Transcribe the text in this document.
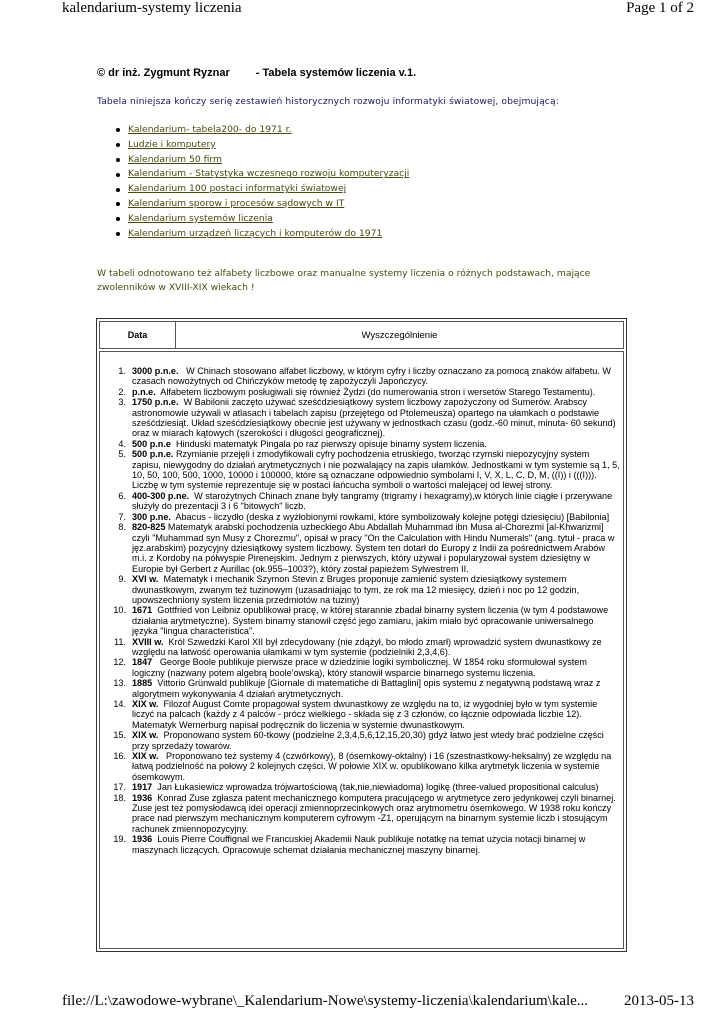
kalendarium-systemy liczenia	Page 1 of 2
© dr inż. Zygmunt Ryznar - Tabela systemów liczenia v.1.
Tabela niniejsza kończy serię zestawień historycznych rozwoju informatyki światowej, obejmującą:
Kalendarium- tabela200- do 1971 r.
Ludzie i komputery
Kalendarium 50 firm
Kalendarium - Statystyka wczesnego rozwoju komputeryzacji
Kalendarium 100 postaci informatyki światowej
Kalendarium sporow i procesów sądowych w IT
Kalendarium systemów liczenia
Kalendarium urządzeń liczących i komputerów do 1971
W tabeli odnotowano też alfabety liczbowe oraz manualne systemy liczenia o różnych podstawach, mające zwolenników w XVIII-XIX wiekach !
Data	Wyszczególnienie
1. 3000 p.n.e.   W Chinach stosowano alfabet liczbowy, w którym cyfry i liczby oznaczano za pomocą znaków alfabetu. W czasach nowożytnych od Chińczyków metodę tę zapożyczyli Japończycy.
2. p.n.e.  Alfabetem liczbowym posługiwali się również Żydzi (do numerowania stron i wersetów Starego Testamentu).
3. 1750 p.n.e.  W Babilonii zaczęto używać sześćdziesiątkowy system liczbowy zapożyczony od Sumerów. Arabscy astronomowie używali w atlasach i tabelach zapisu (przejętego od Ptolemeusza) opartego na ułamkach o podstawie sześćdziesiąt. Układ sześćdziesiątkowy obecnie jest używany w jednostkach czasu (godz.-60 minut, minuta- 60 sekund) oraz w miarach kątowych (szerokości i długości geograficznej).
4. 500 p.n.e  Hinduski matematyk Pingala po raz pierwszy opisuje binarny system liczenia.
5. 500 p.n.e. Rzymianie przejęli i zmodyfikowali cyfry pochodzenia etruskiego, tworząc rzymski niepozycyjny system zapisu, niewygodny do działań arytmetycznych i nie pozwalający na zapis ułamków. Jednostkami w tym systemie są 1, 5, 10, 50, 100, 500, 1000, 10000 i 100000, które są oznaczane odpowiednio symbolami I, V, X, L, C, D, M, ((I)) i (((I))). Liczbę w tym systemie reprezentuje się w postaci łańcucha symboli o wartości malejącej od lewej strony.
6. 400-300 p.ne.  W starożytnych Chinach znane były tangramy (trigramy i hexagramy),w których linie ciągłe i przerywane służyły do prezentacji 3 i 6 "bitowych" liczb.
7. 300 p.ne.  Abacus - liczydło (deska z wyżłobionymi rowkami, które symbolizowały kolejne potęgi dziesięciu) [Babilonia]
8. 820-825 Matematyk arabski pochodzenia uzbeckiego Abu Abdallah Muhammad ibn Musa al-Chorezmi [al-Khwarizmi] czyli "Muhammad syn Musy z Chorezmu", opisał w pracy "On the Calculation with Hindu Numerals" (ang. tytuł - praca w jęz.arabskim) pozycyjny dziesiątkowy system liczbowy. System ten dotarł do Europy z Indii za pośrednictwem Arabów m.i. z Kordoby na półwyspie Pirenejskim. Jednym z pierwszych, który używał i popularyzował system dziesiętny w Europie był Gerbert z Aurillac (ok.955–1003?), który został papieżem Sylwestrem II.
9. XVI w.  Matematyk i mechanik Szymon Stevin z Bruges proponuje zamienić system dziesiątkowy systemem dwunastkowym, zwanym też tuzinowym (uzasadniając to tym, że rok ma 12 miesięcy, dzień i noc po 12 godzin, upowszechniony system liczenia przedmiotów na tuziny)
10. 1671  Gottfried von Leibniz opublikował pracę, w której starannie zbadał binarny system liczenia (w tym 4 podstawowe działania arytmetyczne). System binarny stanowił część jego zamiaru, jakim miało być opracowanie uniwersalnego języka "lingua characteristica".
11. XVIII w.  Król Szwedzki Karol XII był zdecydowany (nie zdążył, bo młodo zmarł) wprowadzić system dwunastkowy ze względu na łatwość operowania ułamkami w tym systemie (podzielniki 2,3,4,6).
12. 1847   George Boole publikuje pierwsze prace w dziedzinie logiki symbolicznej. W 1854 roku sformułował system logiczny (nazwany potem algebrą boole'owską), który stanowił wsparcie binarnego systemu liczenia.
13. 1885  Vittorio Grünwald publikuje [Giornale di matematiche di Battaglini] opis systemu z negatywną podstawą wraz z algorytmem wykonywania 4 działań arytmetycznych.
14. XIX w.  Filozof August Comte propagował system dwunastkowy ze względu na to, iż wygodniej było w tym systemie liczyć na palcach (każdy z 4 palców - prócz wielkiego - składa się z 3 członów, co łącznie odpowiada liczbie 12). Matematyk Wernerburg napisał podręcznik do liczenia w systemie dwunastkowym.
15. XIX w.  Proponowano system 60-tkowy (podzielne 2,3,4,5,6,12,15,20,30) gdyż łatwo jest wtedy brać podzielne części przy sprzedaży towarów.
16. XIX w.   Proponowano też systemy 4 (czwórkowy), 8 (ósemkowy-oktalny) i 16 (szestnastkowy-heksalny) ze względu na łatwą podzielność na połowy 2 kolejnych części. W połowie XIX w. opublikowano kilka arytmetyk liczenia w systemie ósemkowym.
17. 1917  Jan Łukasiewicz wprowadza trójwartościową (tak,nie,niewiadoma) logikę (three-valued propositional calculus)
18. 1936  Konrad Zuse zgłasza patent mechanicznego komputera pracującego w arytmetyce zero jedynkowej czyli binarnej. Zuse jest też pomysłodawcą idei operacji zmiennoprzecinkowych oraz arytmometru ósemkowego. W 1938 roku kończy prace nad pierwszym mechanicznym komputerem cyfrowym -Z1, operującym na binarnym systemie liczb i stosującym rachunek zmiennopozycyjny.
19. 1936  Louis Pierre Couffignal we Francuskiej Akademii Nauk publikuje notatkę na temat użycia notacji binarnej w maszynach liczących. Opracowuje schemat działania mechanicznej maszyny binarnej.
file://L:\zawodowe-wybrane\_Kalendarium-Nowe\systemy-liczenia\kalendarium\kale... 2013-05-13
